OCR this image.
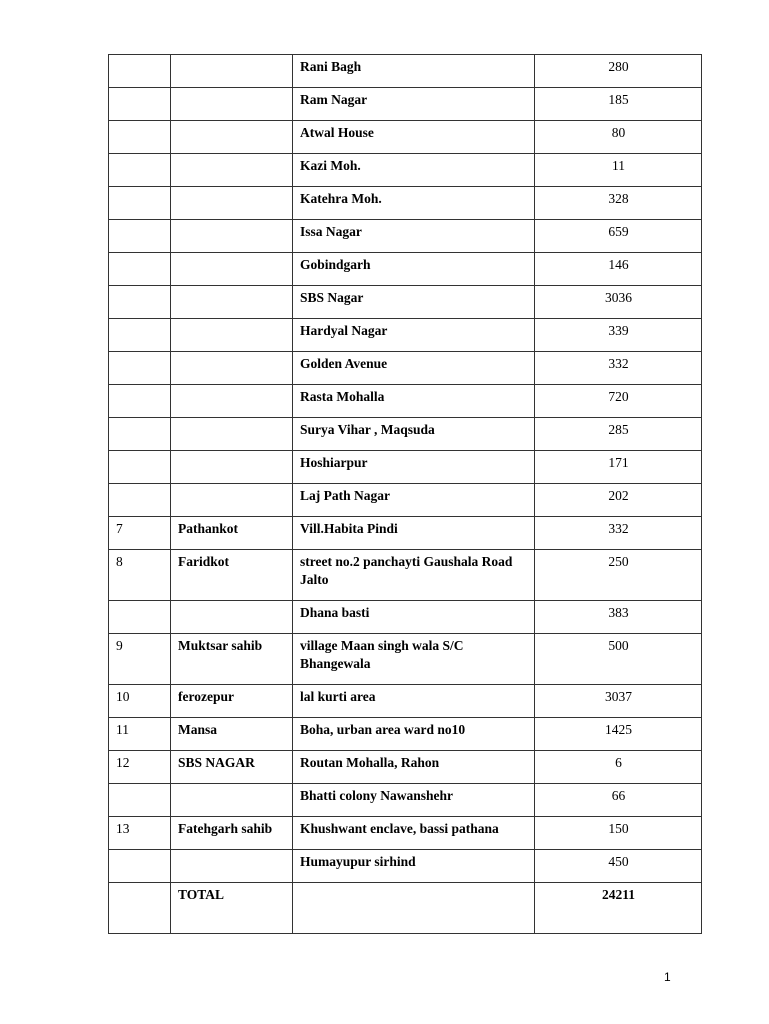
		Rani Bagh	280
		Ram Nagar	185
		Atwal House	80
		Kazi Moh.	11
		Katehra Moh.	328
		Issa Nagar	659
		Gobindgarh	146
		SBS Nagar	3036
		Hardyal Nagar	339
		Golden Avenue	332
		Rasta Mohalla	720
		Surya Vihar , Maqsuda	285
		Hoshiarpur	171
		Laj Path Nagar	202
7	Pathankot	Vill.Habita Pindi	332
8	Faridkot	street no.2 panchayti Gaushala Road Jalto	250
		Dhana basti	383
9	Muktsar sahib	village Maan singh wala S/C Bhangewala	500
10	ferozepur	lal kurti area	3037
11	Mansa	Boha, urban area ward no10	1425
12	SBS NAGAR	Routan Mohalla, Rahon	6
		Bhatti colony Nawanshehr	66
13	Fatehgarh sahib	Khushwant enclave, bassi pathana	150
		Humayupur sirhind	450
	TOTAL		24211
1
